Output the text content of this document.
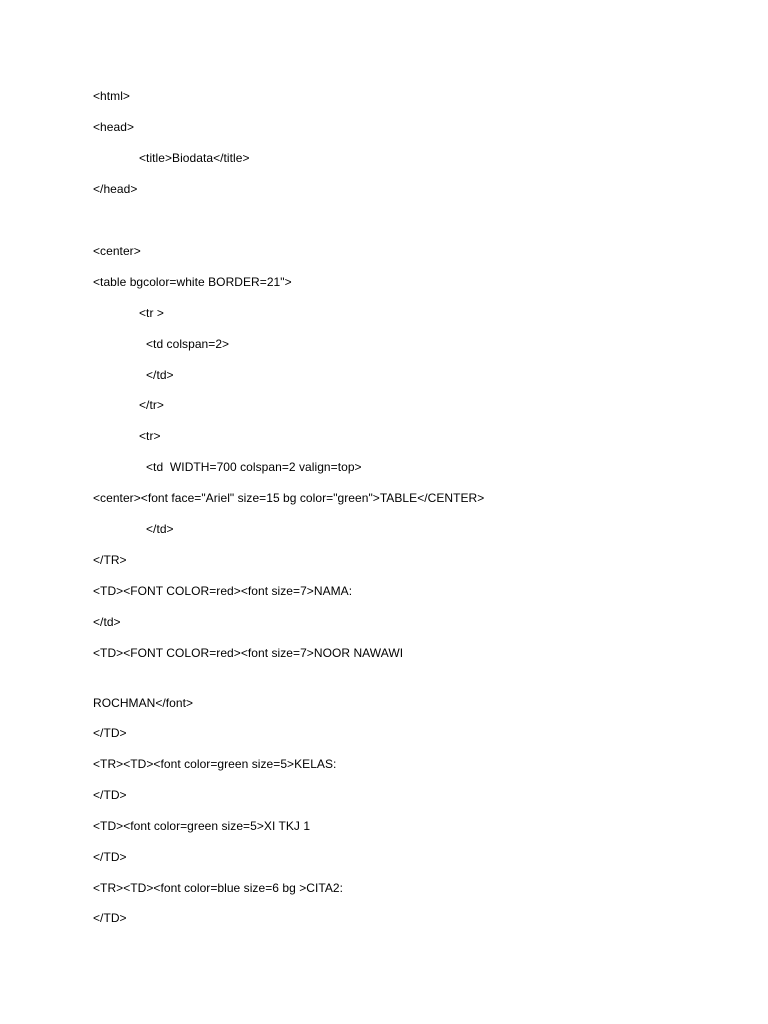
<html>
<head>
<title>Biodata</title>
</head>
<center>
<table bgcolor=white BORDER=21">
<tr >
<td colspan=2>
</td>
</tr>
<tr>
<td  WIDTH=700 colspan=2 valign=top>
<center><font face="Ariel" size=15 bg color="green">TABLE</CENTER>
</td>
</TR>
<TD><FONT COLOR=red><font size=7>NAMA:
</td>
<TD><FONT COLOR=red><font size=7>NOOR NAWAWI
ROCHMAN</font>
</TD>
<TR><TD><font color=green size=5>KELAS:
</TD>
<TD><font color=green size=5>XI TKJ 1
</TD>
<TR><TD><font color=blue size=6 bg >CITA2:
</TD>
